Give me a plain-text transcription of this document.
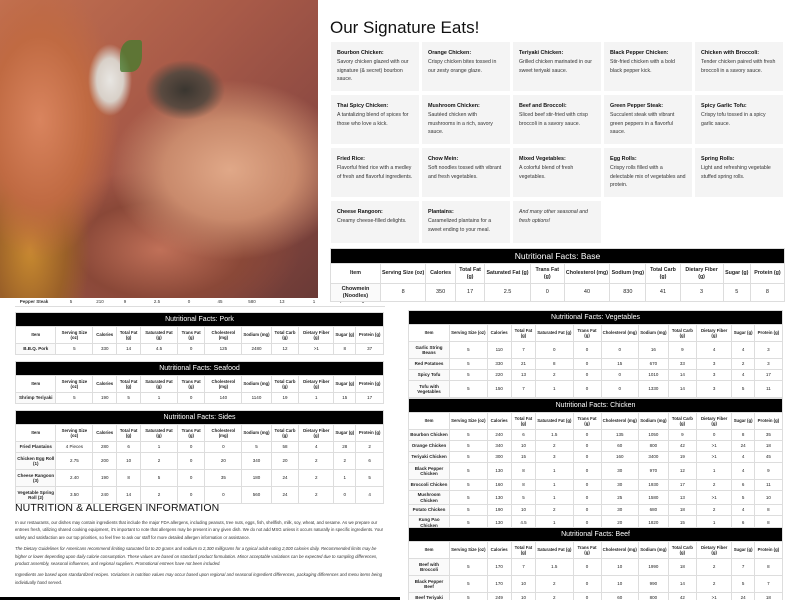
Our Signature Eats!
Bourbon Chicken:
Savory chicken glazed with our signature (& secret) bourbon sauce.
Orange Chicken:
Crispy chicken bites tossed in our zesty orange glaze.
Teriyaki Chicken:
Grilled chicken marinated in our sweet teriyaki sauce.
Black Pepper Chicken:
Stir-fried chicken with a bold black pepper kick.
Chicken with Broccoli:
Tender chicken paired with fresh broccoli in a savory sauce.
Thai Spicy Chicken:
A tantalizing blend of spices for those who love a kick.
Mushroom Chicken:
Sautéed chicken with mushrooms in a rich, savory sauce.
Beef and Broccoli:
Sliced beef stir-fried with crisp broccoli in a savory sauce.
Green Pepper Steak:
Succulent steak with vibrant green peppers in a flavorful sauce.
Spicy Garlic Tofu:
Crispy tofu tossed in a spicy garlic sauce.
Fried Rice:
Flavorful fried rice with a medley of fresh and flavorful ingredients.
Chow Mein:
Soft noodles tossed with vibrant and fresh vegetables.
Mixed Vegetables:
A colorful blend of fresh vegetables.
Egg Rolls:
Crispy rolls filled with a delectable mix of vegetables and protein.
Spring Rolls:
Light and refreshing vegetable stuffed spring rolls.
Cheese Rangoon:
Creamy cheese-filled delights.
Plantains:
Caramelized plantains for a sweet ending to your meal.
And many other seasonal and fresh options!
Pepper Steak	5	210	9	2.5	0	45	580	13	1
Nutritional Facts: Base											
Item	Serving Size (oz)	Calories	Total Fat (g)	Saturated Fat (g)	Trans Fat (g)	Cholesterol (mg)	Sodium (mg)	Total Carb (g)	Dietary Fiber (g)	Sugar (g)	Protein (g)
Chowmein (Noodles)	8	350	17	2.5	0	40	830	41	3	5	8
Nutritional Facts: Pork											
Item	Serving Size (oz)	Calories	Total Fat (g)	Saturated Fat (g)	Trans Fat (g)	Cholesterol (mg)	Sodium (mg)	Total Carb (g)	Dietary Fiber (g)	Sugar (g)	Protein (g)
B.B.Q. Pork	5	330	14	4.5	0	125	2480	12	>1	8	37
Nutritional Facts: Seafood											
Item	Serving Size (oz)	Calories	Total Fat (g)	Saturated Fat (g)	Trans Fat (g)	Cholesterol (mg)	Sodium (mg)	Total Carb (g)	Dietary Fiber (g)	Sugar (g)	Protein (g)
Shrimp Teriyaki	5	190	5	1	0	140	1140	19	1	15	17
Nutritional Facts: Sides											
Item	Serving Size (oz)	Calories	Total Fat (g)	Saturated Fat (g)	Trans Fat (g)	Cholesterol (mg)	Sodium (mg)	Total Carb (g)	Dietary Fiber (g)	Sugar (g)	Protein (g)
Fried Plantains	4 Pieces	280	6	1	0	0	5	58	4	28	2
Chicken Egg Roll (1)	2.75	200	10	2	0	20	340	20	2	2	6
Cheese Rangoon (3)	2.40	190	8	5	0	35	180	24	2	1	5
Vegetable Spring Roll (2)	3.50	240	14	2	0	0	560	24	2	0	4
Nutritional Facts: Vegetables											
Item	Serving Size (oz)	Calories	Total Fat (g)	Saturated Fat (g)	Trans Fat (g)	Cholesterol (mg)	Sodium (mg)	Total Carb (g)	Dietary Fiber (g)	Sugar (g)	Protein (g)
Garlic String Beans	5	110	7	0	0	0	16	9	4	4	3
Red Potatoes	5	330	21	8	0	15	670	33	3	2	3
Spicy Tofu	5	220	13	2	0	0	1010	14	3	4	17
Tofu with Vegetables	5	150	7	1	0	0	1330	14	3	5	11
Nutritional Facts: Chicken											
Item	Serving Size (oz)	Calories	Total Fat (g)	Saturated Fat (g)	Trans Fat (g)	Cholesterol (mg)	Sodium (mg)	Total Carb (g)	Dietary Fiber (g)	Sugar (g)	Protein (g)
Bourbon Chicken	5	240	6	1.5	0	135	1050	9	0	8	35
Orange Chicken	5	340	10	2	0	60	800	42	>1	24	18
Teriyaki Chicken	5	300	15	3	0	160	3400	19	>1	4	45
Black Pepper Chicken	5	130	8	1	0	30	970	12	1	4	9
Broccoli Chicken	5	160	8	1	0	30	1930	17	2	6	11
Mushroom Chicken	5	130	5	1	0	25	1580	13	>1	5	10
Potato Chicken	5	190	10	2	0	30	680	18	2	4	8
Kung Pao Chicken	5	130	4.5	1	0	20	1820	15	1	6	8
Nutritional Facts: Beef											
Item	Serving Size (oz)	Calories	Total Fat (g)	Saturated Fat (g)	Trans Fat (g)	Cholesterol (mg)	Sodium (mg)	Total Carb (g)	Dietary Fiber (g)	Sugar (g)	Protein (g)
Beef with Broccoli	5	170	7	1.5	0	10	1990	18	2	7	8
Black Pepper Beef	5	170	10	2	0	10	990	14	2	5	7
Beef Teriyaki	5	249	10	2	0	60	800	42	>1	24	18
NUTRITION & ALLERGEN INFORMATION

In our restaurants, our dishes may contain ingredients that include the major FDA allergens, including peanuts, tree nuts, eggs, fish, shellfish, milk, soy, wheat, and sesame. As we prepare our entrees fresh, utilizing shared cooking equipment, it's important to note that allergens may be present in any given dish. We do not add MSG unless it occurs naturally in specific ingredients. Your safety and satisfaction are our top priorities, so feel free to ask our staff for more detailed allergen information or assistance.

The Dietary Guidelines for Americans recommend limiting saturated fat to 20 grams and sodium to 2,300 milligrams for a typical adult eating 2,000 calories daily. Recommended limits may be higher or lower depending upon daily calorie consumption. These values are based on standard product formulation. Minor acceptable variations can be expected due to sampling differences, product assembly, seasonal influences, and regional suppliers. Promotional entrees have not been included.

Ingredients are based upon standardized recipes. Variations in nutrition values may occur based upon regional and seasonal ingredient differences, packaging differences and menu items being individually hand served.
